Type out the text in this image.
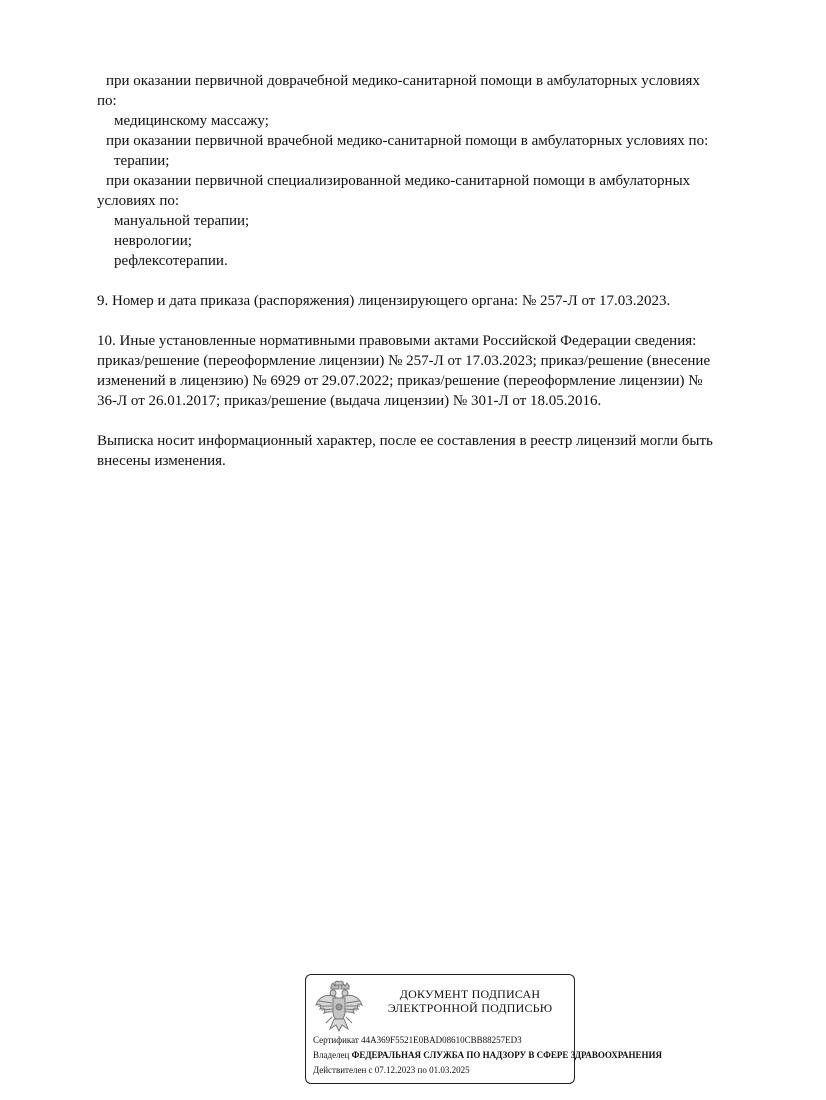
при оказании первичной доврачебной медико-санитарной помощи в амбулаторных условиях
по:
медицинскому массажу;
при оказании первичной врачебной медико-санитарной помощи в амбулаторных условиях по:
терапии;
при оказании первичной специализированной медико-санитарной помощи в амбулаторных
условиях по:
мануальной терапии;
неврологии;
рефлексотерапии.
9. Номер и дата приказа (распоряжения) лицензирующего органа: № 257-Л от 17.03.2023.
10. Иные установленные нормативными правовыми актами Российской Федерации сведения:
приказ/решение (переоформление лицензии) № 257-Л от 17.03.2023; приказ/решение (внесение
изменений в лицензию) № 6929 от 29.07.2022; приказ/решение (переоформление лицензии) №
36-Л от 26.01.2017; приказ/решение (выдача лицензии) № 301-Л от 18.05.2016.
Выписка носит информационный характер, после ее составления в реестр лицензий могли быть
внесены изменения.
ДОКУМЕНТ ПОДПИСАН
ЭЛЕКТРОННОЙ ПОДПИСЬЮ
Сертификат 44A369F5521E0BAD08610CBB88257ED3
Владелец ФЕДЕРАЛЬНАЯ СЛУЖБА ПО НАДЗОРУ В СФЕРЕ ЗДРАВООХРАНЕНИЯ
Действителен с 07.12.2023 по 01.03.2025
